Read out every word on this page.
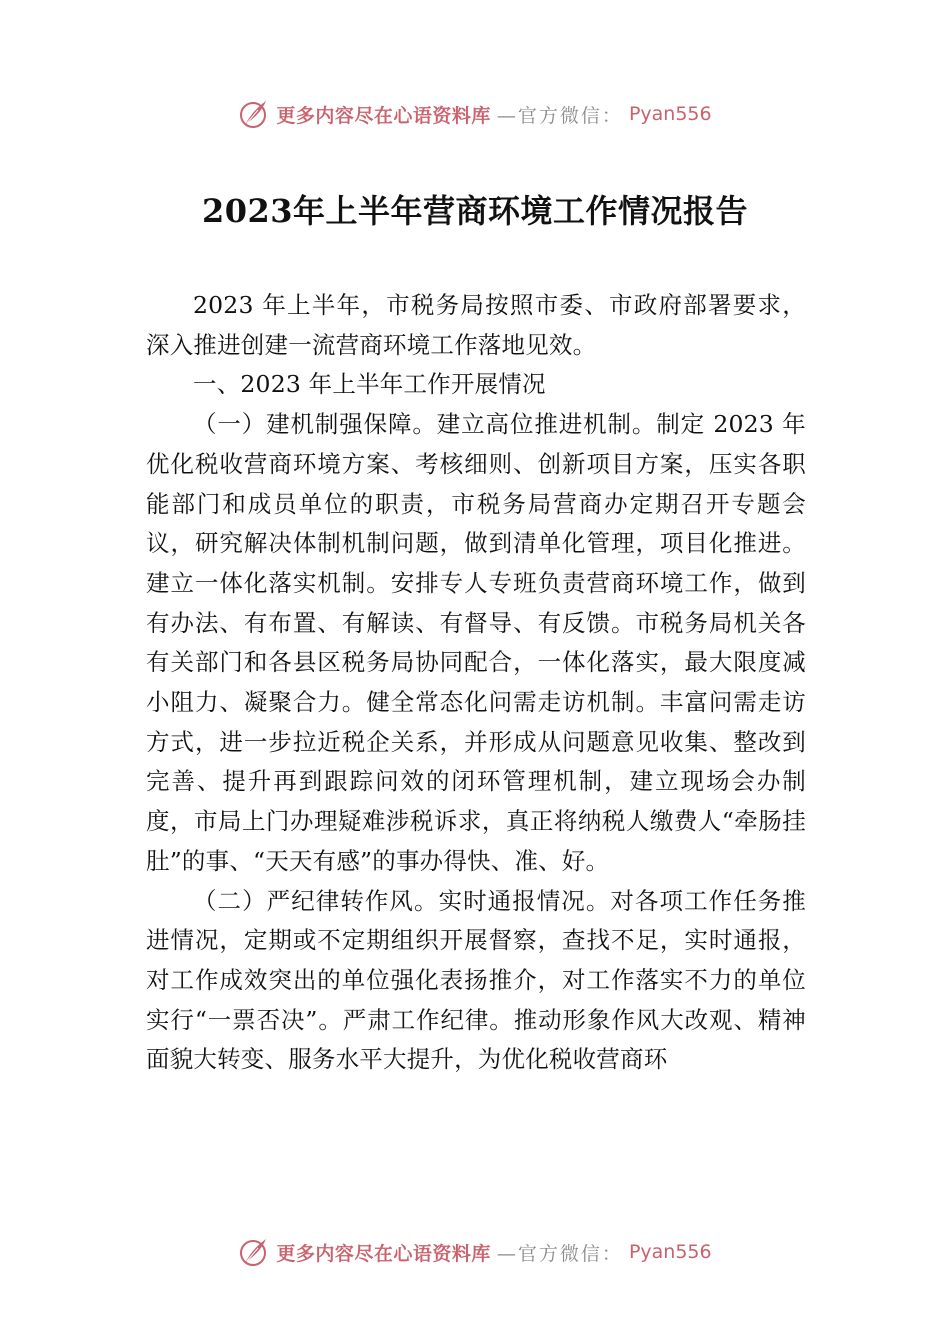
更多内容尽在心语资料库 —官方微信： Pyan556
2023年上半年营商环境工作情况报告

2023 年上半年，市税务局按照市委、市政府部署要求，深入推进创建一流营商环境工作落地见效。

一、2023 年上半年工作开展情况

（一）建机制强保障。建立高位推进机制。制定 2023 年优化税收营商环境方案、考核细则、创新项目方案，压实各职能部门和成员单位的职责，市税务局营商办定期召开专题会议，研究解决体制机制问题，做到清单化管理，项目化推进。建立一体化落实机制。安排专人专班负责营商环境工作，做到有办法、有布置、有解读、有督导、有反馈。市税务局机关各有关部门和各县区税务局协同配合，一体化落实，最大限度减小阻力、凝聚合力。健全常态化问需走访机制。丰富问需走访方式，进一步拉近税企关系，并形成从问题意见收集、整改到完善、提升再到跟踪问效的闭环管理机制，建立现场会办制度，市局上门办理疑难涉税诉求，真正将纳税人缴费人“牵肠挂肚”的事、“天天有感”的事办得快、准、好。

（二）严纪律转作风。实时通报情况。对各项工作任务推进情况，定期或不定期组织开展督察，查找不足，实时通报，对工作成效突出的单位强化表扬推介，对工作落实不力的单位实行“一票否决”。严肃工作纪律。推动形象作风大改观、精神面貌大转变、服务水平大提升，为优化税收营商环

更多内容尽在心语资料库 —官方微信： Pyan556
